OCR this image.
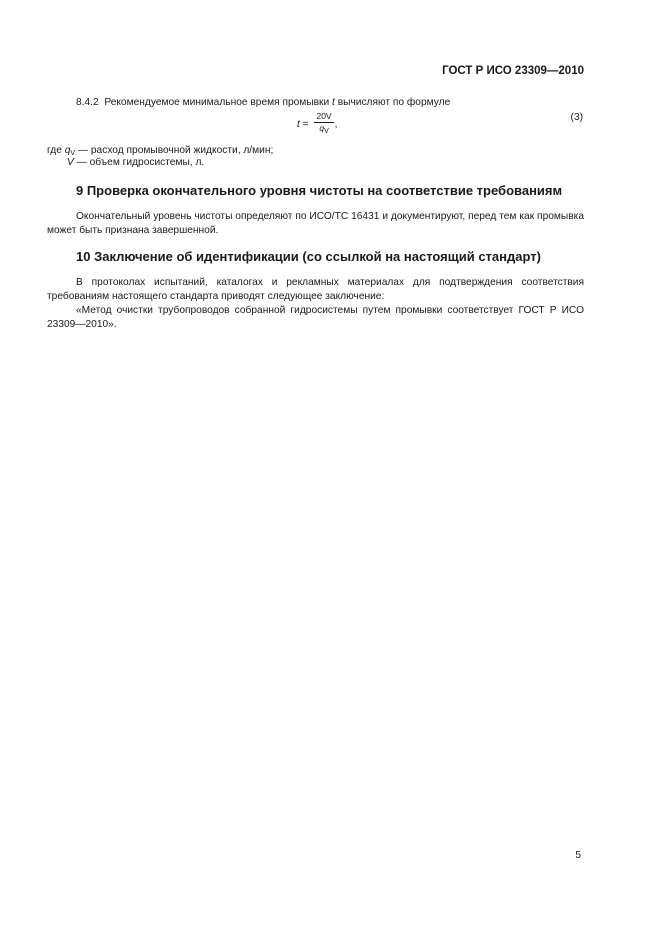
ГОСТ Р ИСО 23309—2010
8.4.2 Рекомендуемое минимальное время промывки t вычисляют по формуле
$t = \frac{20V}{q_V}$ ,
(3)
где $q_V$ — расход промывочной жидкости, л/мин;
V — объем гидросистемы, л.
9 Проверка окончательного уровня чистоты на соответствие требованиям
Окончательный уровень чистоты определяют по ИСО/ТС 16431 и документируют, перед тем как промывка может быть признана завершенной.
10 Заключение об идентификации (со ссылкой на настоящий стандарт)
В протоколах испытаний, каталогах и рекламных материалах для подтверждения соответствия требованиям настоящего стандарта приводят следующее заключение:
«Метод очистки трубопроводов собранной гидросистемы путем промывки соответствует ГОСТ Р ИСО 23309—2010».
5
